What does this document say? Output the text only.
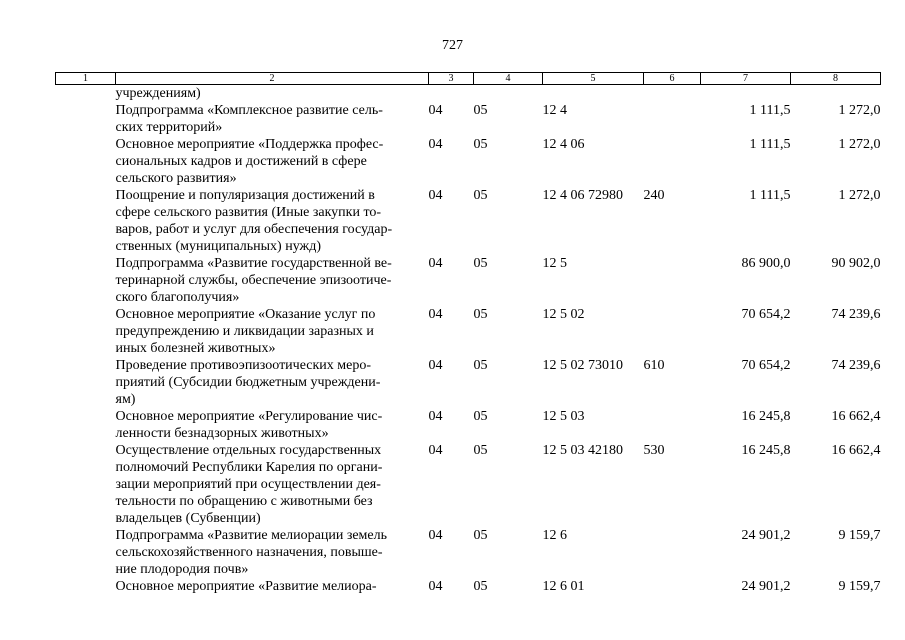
727
1	2	3	4	5	6	7	8

	учреждениям)						

	Подпрограмма «Комплексное развитие сель-
ских территорий»	04	05	12 4		1 111,5	1 272,0

	Основное мероприятие «Поддержка профес-
сиональных кадров и достижений в сфере
сельского развития»	04	05	12 4 06		1 111,5	1 272,0

	Поощрение и популяризация достижений в
сфере сельского развития (Иные закупки то-
варов, работ и услуг для обеспечения государ-
ственных (муниципальных) нужд)	04	05	12 4 06 72980	240	1 111,5	1 272,0

	Подпрограмма «Развитие государственной ве-
теринарной службы, обеспечение эпизоотиче-
ского благополучия»	04	05	12 5		86 900,0	90 902,0

	Основное мероприятие «Оказание услуг по
предупреждению и ликвидации заразных и
иных болезней животных»	04	05	12 5 02		70 654,2	74 239,6

	Проведение противоэпизоотических меро-
приятий (Субсидии бюджетным учреждени-
ям)	04	05	12 5 02 73010	610	70 654,2	74 239,6

	Основное мероприятие «Регулирование чис-
ленности безнадзорных животных»	04	05	12 5 03		16 245,8	16 662,4

	Осуществление отдельных государственных
полномочий Республики Карелия по органи-
зации мероприятий при осуществлении дея-
тельности по обращению с животными без
владельцев (Субвенции)	04	05	12 5 03 42180	530	16 245,8	16 662,4

	Подпрограмма «Развитие мелиорации земель
сельскохозяйственного назначения, повыше-
ние плодородия почв»	04	05	12 6		24 901,2	9 159,7

	Основное мероприятие «Развитие мелиора-	04	05	12 6 01		24 901,2	9 159,7
